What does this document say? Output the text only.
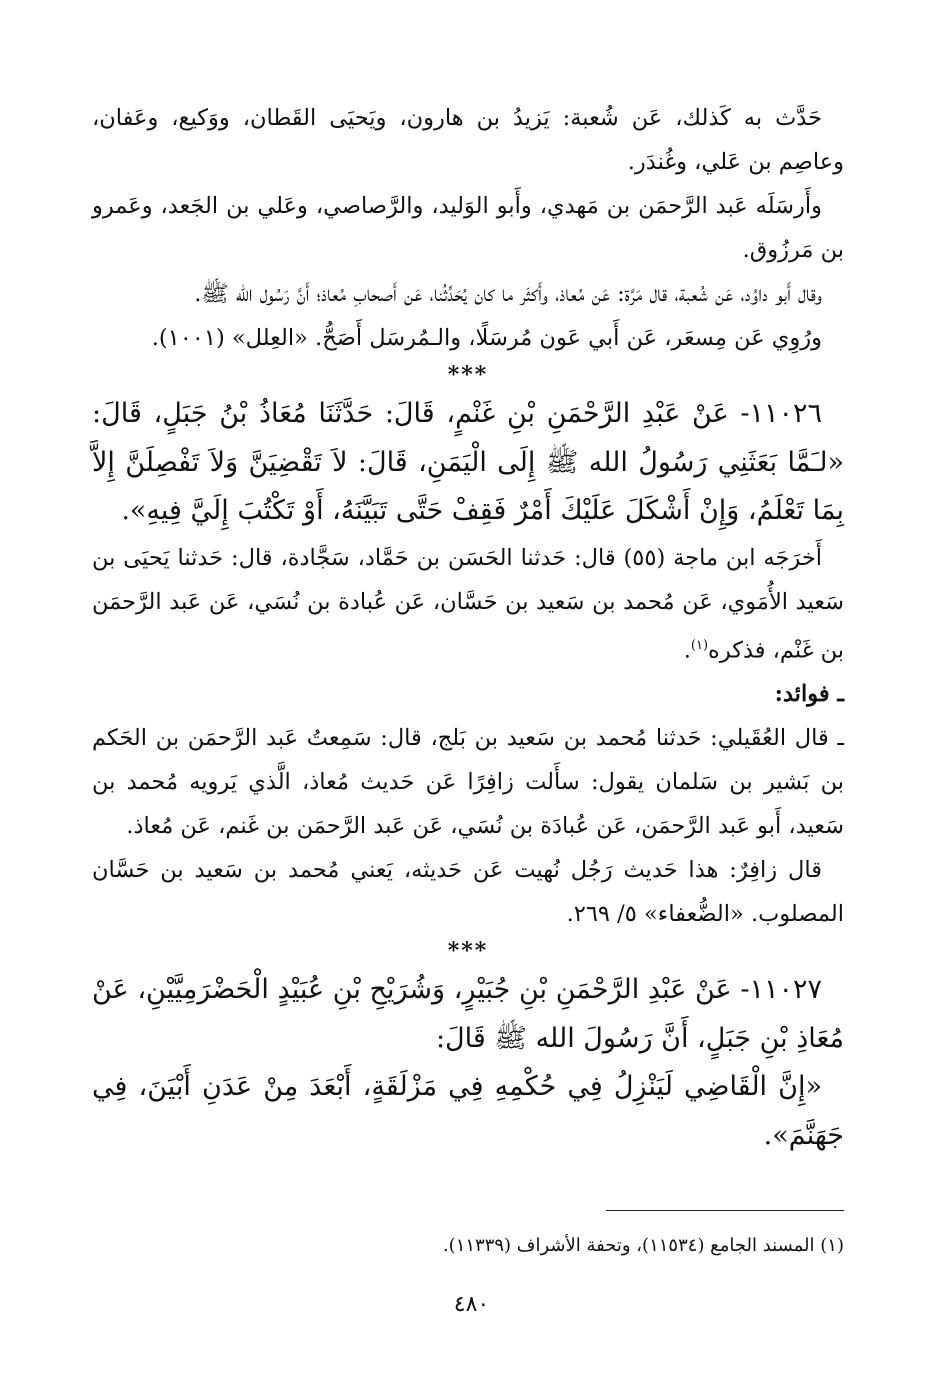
حَدَّث به كَذلك، عَن شُعبة: يَزيدُ بن هارون، ويَحيَى القَطان، ووَكيع، وعَفان، وعاصِم بن عَلي، وغُندَر.

وأَرسَلَه عَبد الرَّحمَن بن مَهدي، وأَبو الوَليد، والرَّصاصي، وعَلي بن الجَعد، وعَمرو بن مَرزُوق.

وقال أَبو داوُد، عَن شُعبة، قال مَرَّة: عَن مُعاذ، وأَكثَر ما كان يُحَدِّثُنا، عَن أَصحابِ مُعاذ؛ أَنَّ رَسُول الله ﷺ.

ورُوِي عَن مِسعَر، عَن أَبي عَون مُرسَلًا، والـمُرسَل أَصَحُّ. «العِلل» (١٠٠١).

***

١١٠٢٦- عَنْ عَبْدِ الرَّحْمَنِ بْنِ غَنْمٍ، قَالَ: حَدَّثَنَا مُعَاذُ بْنُ جَبَلٍ، قَالَ: «لـَمَّا بَعَثَنِي رَسُولُ الله ﷺ إِلَى الْيَمَنِ، قَالَ: لاَ تَقْضِيَنَّ وَلاَ تَفْصِلَنَّ إِلاَّ بِمَا تَعْلَمُ، وَإِنْ أَشْكَلَ عَلَيْكَ أَمْرٌ فَقِفْ حَتَّى تَبَيَّنَهُ، أَوْ تَكْتُبَ إِلَيَّ فِيهِ».

أَخرَجَه ابن ماجة (٥٥) قال: حَدثنا الحَسَن بن حَمَّاد، سَجَّادة، قال: حَدثنا يَحيَى بن سَعيد الأُمَوي، عَن مُحمد بن سَعيد بن حَسَّان، عَن عُبادة بن نُسَي، عَن عَبد الرَّحمَن بن غَنْم، فذكره$^{(١)}$.

ـ فوائد:

ـ قال العُقَيلي: حَدثنا مُحمد بن سَعيد بن بَلج، قال: سَمِعتُ عَبد الرَّحمَن بن الحَكم بن بَشير بن سَلمان يقول: سأَلت زافِرًا عَن حَديث مُعاذ، الَّذي يَرويه مُحمد بن سَعيد، أَبو عَبد الرَّحمَن، عَن عُبادَة بن نُسَي، عَن عَبد الرَّحمَن بن غَنم، عَن مُعاذ.

قال زافِرٌ: هذا حَديث رَجُل نُهيت عَن حَديثه، يَعني مُحمد بن سَعيد بن حَسَّان المصلوب. «الضُّعفاء» ٥/ ٢٦٩.

***

١١٠٢٧- عَنْ عَبْدِ الرَّحْمَنِ بْنِ جُبَيْرٍ، وَشُرَيْحِ بْنِ عُبَيْدٍ الْحَضْرَمِيَّيْنِ، عَنْ مُعَاذِ بْنِ جَبَلٍ، أَنَّ رَسُولَ الله ﷺ قَالَ:

«إِنَّ الْقَاضِي لَيَنْزِلُ فِي حُكْمِهِ فِي مَزْلَقَةٍ، أَبْعَدَ مِنْ عَدَنِ أَبْيَنَ، فِي جَهَنَّمَ».

(١) المسند الجامع (١١٥٣٤)، وتحفة الأشراف (١١٣٣٩).

٤٨٠
